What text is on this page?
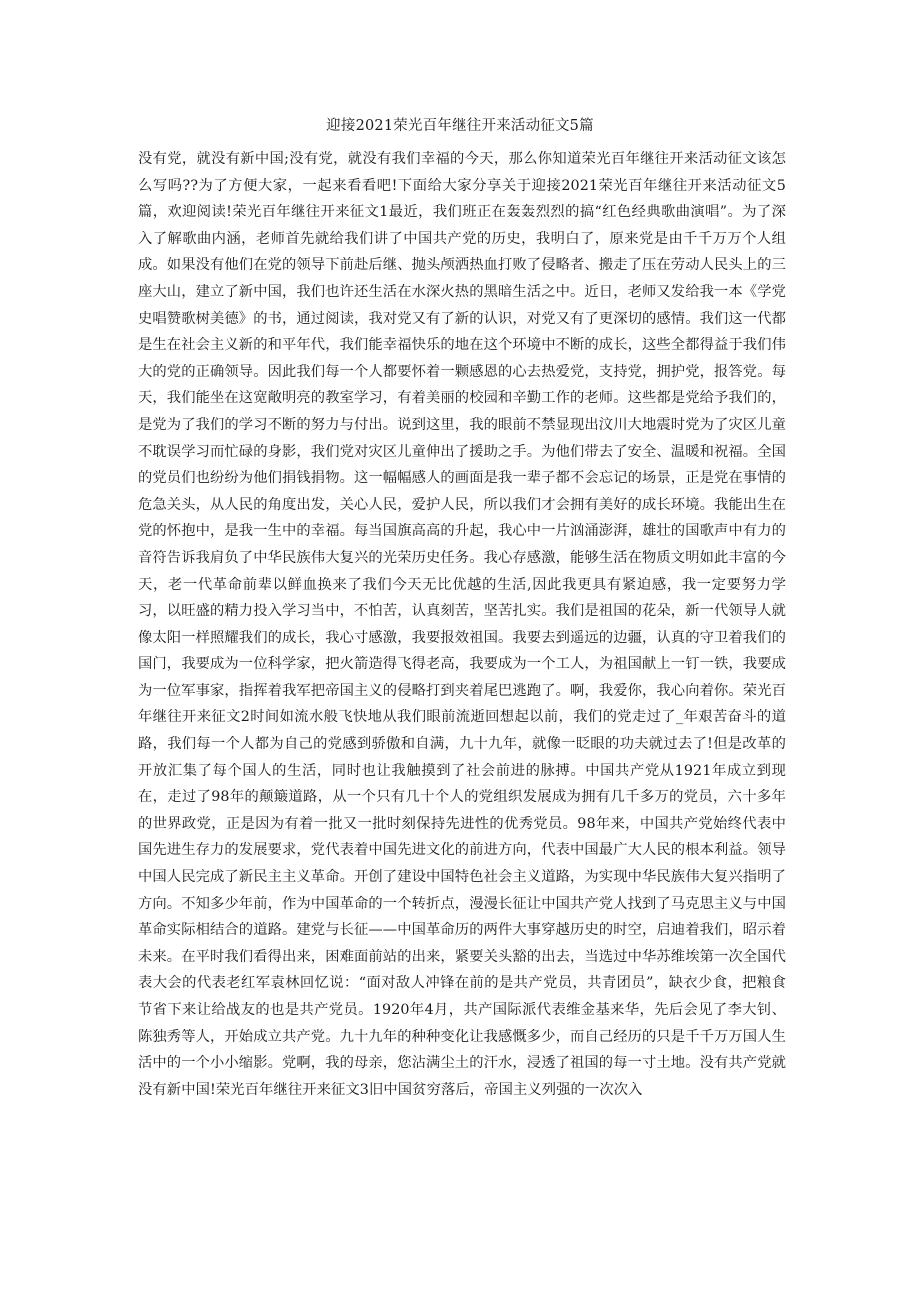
迎接2021荣光百年继往开来活动征文5篇
没有党，就没有新中国;没有党，就没有我们幸福的今天，那么你知道荣光百年继往开来活动征文该怎么写吗??为了方便大家，一起来看看吧!下面给大家分享关于迎接2021荣光百年继往开来活动征文5篇，欢迎阅读!荣光百年继往开来征文1最近，我们班正在轰轰烈烈的搞“红色经典歌曲演唱”。为了深入了解歌曲内涵，老师首先就给我们讲了中国共产党的历史，我明白了，原来党是由千千万万个人组成。如果没有他们在党的领导下前赴后继、抛头颅洒热血打败了侵略者、搬走了压在劳动人民头上的三座大山，建立了新中国，我们也许还生活在水深火热的黑暗生活之中。近日，老师又发给我一本《学党史唱赞歌树美德》的书，通过阅读，我对党又有了新的认识，对党又有了更深切的感情。我们这一代都是生在社会主义新的和平年代，我们能幸福快乐的地在这个环境中不断的成长，这些全都得益于我们伟大的党的正确领导。因此我们每一个人都要怀着一颗感恩的心去热爱党，支持党，拥护党，报答党。每天，我们能坐在这宽敞明亮的教室学习，有着美丽的校园和辛勤工作的老师。这些都是党给予我们的，是党为了我们的学习不断的努力与付出。说到这里，我的眼前不禁显现出汶川大地震时党为了灾区儿童不耽误学习而忙碌的身影，我们党对灾区儿童伸出了援助之手。为他们带去了安全、温暖和祝福。全国的党员们也纷纷为他们捐钱捐物。这一幅幅感人的画面是我一辈子都不会忘记的场景，正是党在事情的危急关头，从人民的角度出发，关心人民，爱护人民，所以我们才会拥有美好的成长环境。我能出生在党的怀抱中，是我一生中的幸福。每当国旗高高的升起，我心中一片汹涌澎湃，雄壮的国歌声中有力的音符告诉我肩负了中华民族伟大复兴的光荣历史任务。我心存感激，能够生活在物质文明如此丰富的今天，老一代革命前辈以鲜血换来了我们今天无比优越的生活,因此我更具有紧迫感，我一定要努力学习，以旺盛的精力投入学习当中，不怕苦，认真刻苦，坚苦扎实。我们是祖国的花朵，新一代领导人就像太阳一样照耀我们的成长，我心寸感激，我要报效祖国。我要去到遥远的边疆，认真的守卫着我们的国门，我要成为一位科学家，把火箭造得飞得老高，我要成为一个工人，为祖国献上一钉一铁，我要成为一位军事家，指挥着我军把帝国主义的侵略打到夹着尾巴逃跑了。啊，我爱你，我心向着你。荣光百年继往开来征文2时间如流水般飞快地从我们眼前流逝回想起以前，我们的党走过了_年艰苦奋斗的道路，我们每一个人都为自己的党感到骄傲和自满，九十九年，就像一眨眼的功夫就过去了!但是改革的开放汇集了每个国人的生活，同时也让我触摸到了社会前进的脉搏。中国共产党从1921年成立到现在，走过了98年的颠簸道路，从一个只有几十个人的党组织发展成为拥有几千多万的党员，六十多年的世界政党，正是因为有着一批又一批时刻保持先进性的优秀党员。98年来，中国共产党始终代表中国先进生存力的发展要求，党代表着中国先进文化的前进方向，代表中国最广大人民的根本利益。领导中国人民完成了新民主主义革命。开创了建设中国特色社会主义道路，为实现中华民族伟大复兴指明了方向。不知多少年前，作为中国革命的一个转折点，漫漫长征让中国共产党人找到了马克思主义与中国革命实际相结合的道路。建党与长征——中国革命历的两件大事穿越历史的时空，启迪着我们，昭示着未来。在平时我们看得出来，困难面前站的出来，紧要关头豁的出去，当选过中华苏维埃第一次全国代表大会的代表老红军袁林回忆说：“面对敌人冲锋在前的是共产党员，共青团员”，缺衣少食，把粮食节省下来让给战友的也是共产党员。1920年4月，共产国际派代表维金基来华，先后会见了李大钊、陈独秀等人，开始成立共产党。九十九年的种种变化让我感慨多少，而自己经历的只是千千万万国人生活中的一个小小缩影。党啊，我的母亲，您沾满尘土的汗水，浸透了祖国的每一寸土地。没有共产党就没有新中国!荣光百年继往开来征文3旧中国贫穷落后，帝国主义列强的一次次入
